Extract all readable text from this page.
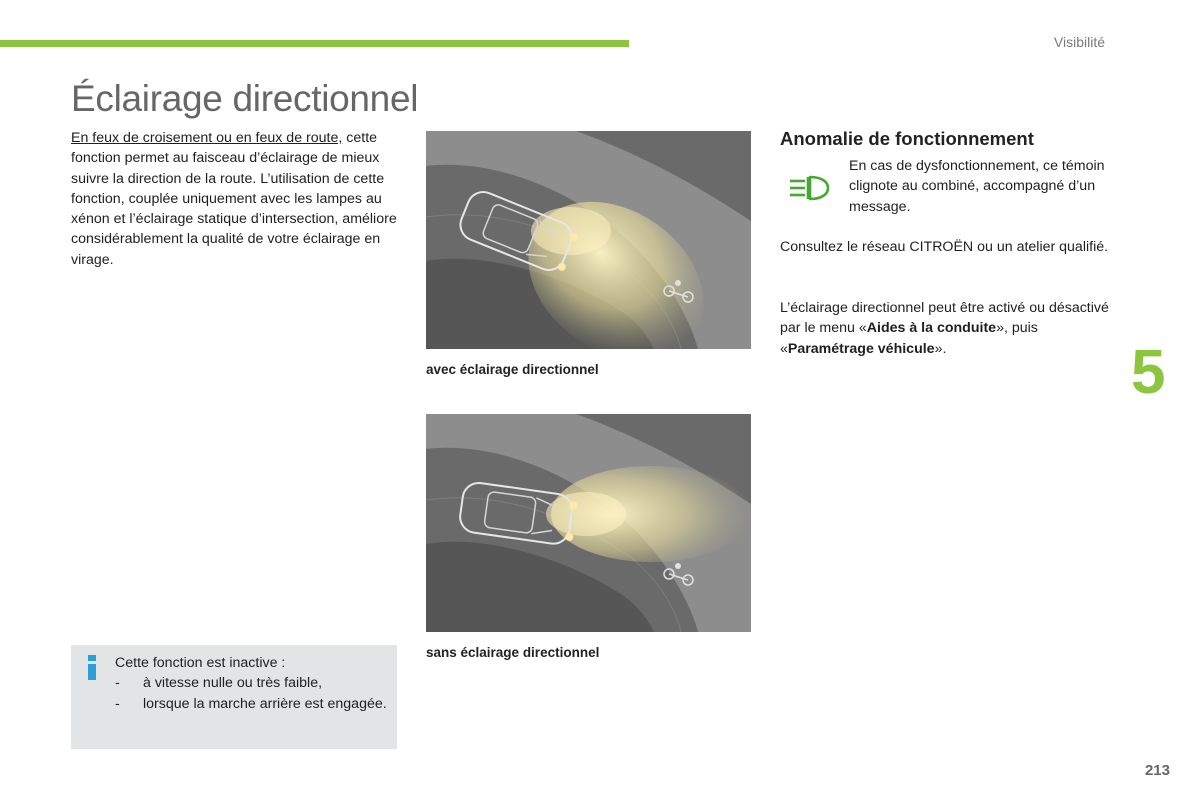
Visibilité
Éclairage directionnel
En feux de croisement ou en feux de route, cette fonction permet au faisceau d’éclairage de mieux suivre la direction de la route. L’utilisation de cette fonction, couplée uniquement avec les lampes au xénon et l’éclairage statique d’intersection, améliore considérablement la qualité de votre éclairage en virage.
avec éclairage directionnel
sans éclairage directionnel
Anomalie de fonctionnement
En cas de dysfonctionnement, ce témoin clignote au combiné, accompagné d’un message.
Consultez le réseau CITROËN ou un atelier qualifié.
L’éclairage directionnel peut être activé ou désactivé par le menu «Aides à la conduite», puis «Paramétrage véhicule».	5
Cette fonction est inactive :
- à vitesse nulle ou très faible,
- lorsque la marche arrière est engagée.
213
